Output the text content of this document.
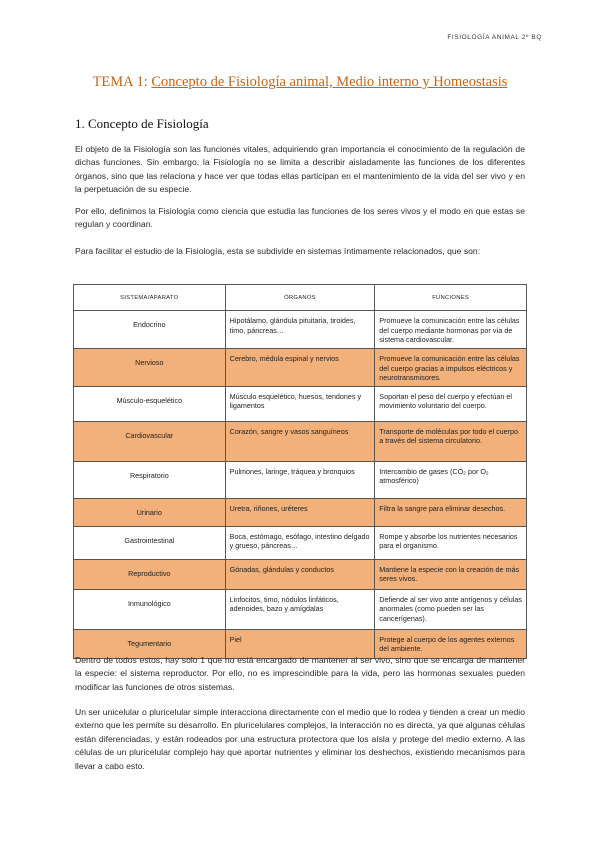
FISIOLOGÍA ANIMAL 2º BQ
TEMA 1: Concepto de Fisiología animal, Medio interno y Homeostasis
1. Concepto de Fisiología
El objeto de la Fisiología son las funciones vitales, adquiriendo gran importancia el conocimiento de la regulación de dichas funciones. Sin embargo, la Fisiología no se limita a describir aisladamente las funciones de los diferentes órganos, sino que las relaciona y hace ver que todas ellas participan en el mantenimiento de la vida del ser vivo y en la perpetuación de su especie.
Por ello, definimos la Fisiología como ciencia que estudia las funciones de los seres vivos y el modo en que estas se regulan y coordinan.
Para facilitar el estudio de la Fisiología, esta se subdivide en sistemas íntimamente relacionados, que son:
SISTEMA/APARATO	ÓRGANOS	FUNCIONES
Endocrino	Hipotálamo, glándula pituitaria, tiroides, timo, páncreas…	Promueve la comunicación entre las células del cuerpo mediante hormonas por vía de sistema cardiovascular.
Nervioso	Cerebro, médula espinal y nervios	Promueve la comunicación entre las células del cuerpo gracias a impulsos eléctricos y neurotransmisores.
Músculo-esquelético	Músculo esquelético, huesos, tendones y ligamentos	Soportan el peso del cuerpo y efectúan el movimiento voluntario del cuerpo.
Cardiovascular	Corazón, sangre y vasos sanguíneos	Transporte de moléculas por todo el cuerpo a través del sistema circulatorio.
Respiratorio	Pulmones, laringe, tráquea y bronquios	Intercambio de gases (CO₂ por O₂ atmosférico)
Urinario	Uretra, riñones, uréteres	Filtra la sangre para eliminar desechos.
Gastrointestinal	Boca, estómago, esófago, intestino delgado y grueso, páncreas…	Rompe y absorbe los nutrientes necesarios para el organismo.
Reproductivo	Gónadas, glándulas y conductos	Mantiene la especie con la creación de más seres vivos.
Inmunológico	Linfocitos, timo, nódulos linfáticos, adenoides, bazo y amígdalas	Defiende al ser vivo ante antígenos y células anormales (como pueden ser las cancerígenas).
Tegumentario	Piel	Protege al cuerpo de los agentes externos del ambiente.
Dentro de todos estos, hay solo 1 que no está encargado de mantener al ser vivo, sino que se encarga de mantener la especie: el sistema reproductor. Por ello, no es imprescindible para la vida, pero las hormonas sexuales pueden modificar las funciones de otros sistemas.
Un ser unicelular o pluricelular simple interacciona directamente con el medio que lo rodea y tienden a crear un medio externo que les permite su desarrollo. En pluricelulares complejos, la interacción no es directa, ya que algunas células están diferenciadas, y están rodeados por una estructura protectora que los aísla y protege del medio externo. A las células de un pluricelular complejo hay que aportar nutrientes y eliminar los deshechos, existiendo mecanismos para llevar a cabo esto.
